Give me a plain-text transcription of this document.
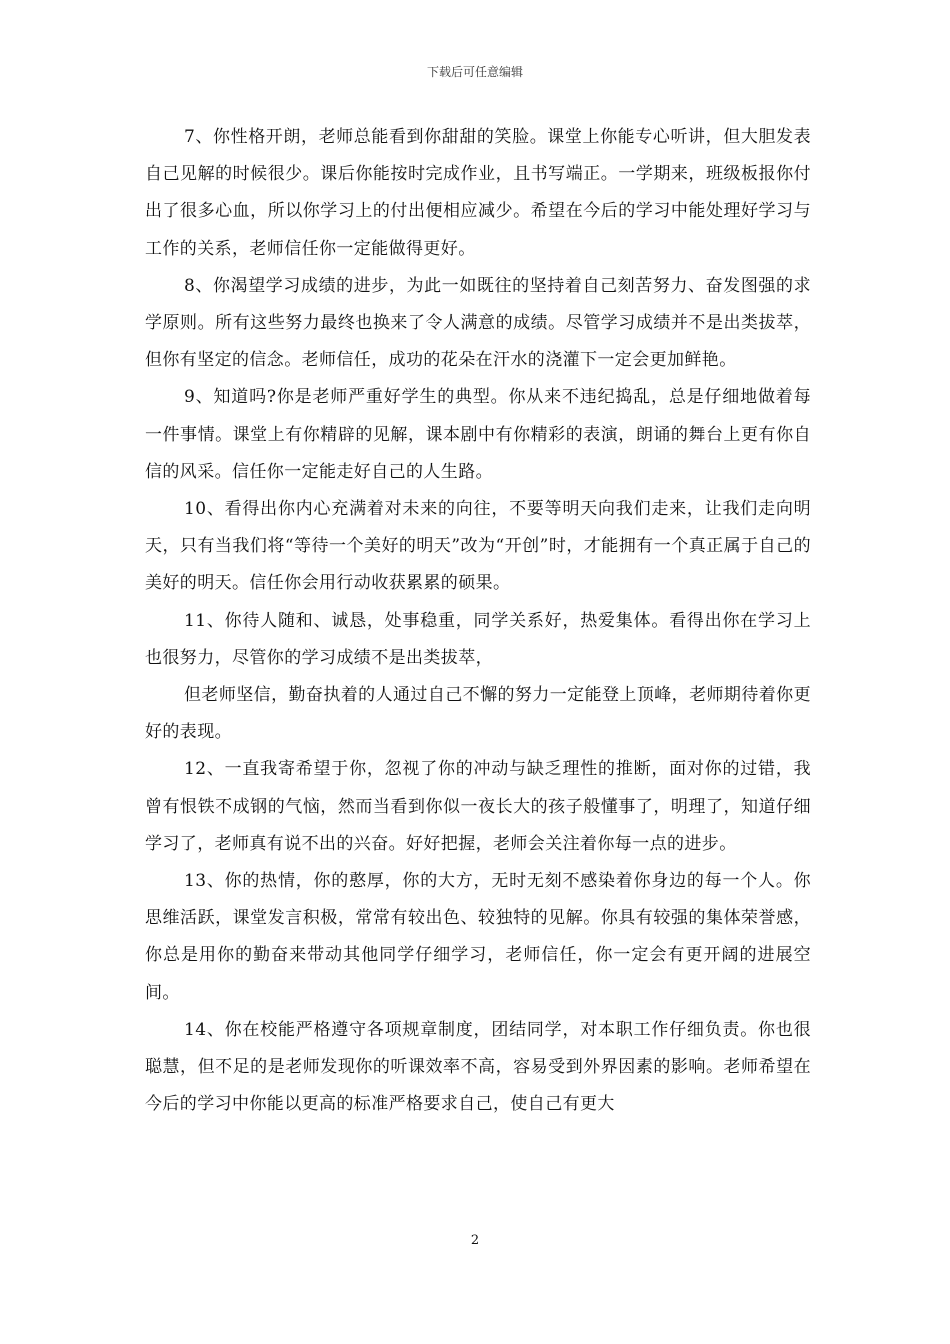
下载后可任意编辑

7、你性格开朗，老师总能看到你甜甜的笑脸。课堂上你能专心听讲，但大胆发表自己见解的时候很少。课后你能按时完成作业，且书写端正。一学期来，班级板报你付出了很多心血，所以你学习上的付出便相应减少。希望在今后的学习中能处理好学习与工作的关系，老师信任你一定能做得更好。

8、你渴望学习成绩的进步，为此一如既往的坚持着自己刻苦努力、奋发图强的求学原则。所有这些努力最终也换来了令人满意的成绩。尽管学习成绩并不是出类拔萃，但你有坚定的信念。老师信任，成功的花朵在汗水的浇灌下一定会更加鲜艳。

9、知道吗?你是老师严重好学生的典型。你从来不违纪捣乱，总是仔细地做着每一件事情。课堂上有你精辟的见解，课本剧中有你精彩的表演，朗诵的舞台上更有你自信的风采。信任你一定能走好自己的人生路。

10、看得出你内心充满着对未来的向往，不要等明天向我们走来，让我们走向明天，只有当我们将“等待一个美好的明天”改为“开创”时，才能拥有一个真正属于自己的美好的明天。信任你会用行动收获累累的硕果。

11、你待人随和、诚恳，处事稳重，同学关系好，热爱集体。看得出你在学习上也很努力，尽管你的学习成绩不是出类拔萃，

但老师坚信，勤奋执着的人通过自己不懈的努力一定能登上顶峰，老师期待着你更好的表现。

12、一直我寄希望于你，忽视了你的冲动与缺乏理性的推断，面对你的过错，我曾有恨铁不成钢的气恼，然而当看到你似一夜长大的孩子般懂事了，明理了，知道仔细学习了，老师真有说不出的兴奋。好好把握，老师会关注着你每一点的进步。

13、你的热情，你的憨厚，你的大方，无时无刻不感染着你身边的每一个人。你思维活跃，课堂发言积极，常常有较出色、较独特的见解。你具有较强的集体荣誉感，你总是用你的勤奋来带动其他同学仔细学习，老师信任，你一定会有更开阔的进展空间。

14、你在校能严格遵守各项规章制度，团结同学，对本职工作仔细负责。你也很聪慧，但不足的是老师发现你的听课效率不高，容易受到外界因素的影响。老师希望在今后的学习中你能以更高的标准严格要求自己，使自己有更大

2
